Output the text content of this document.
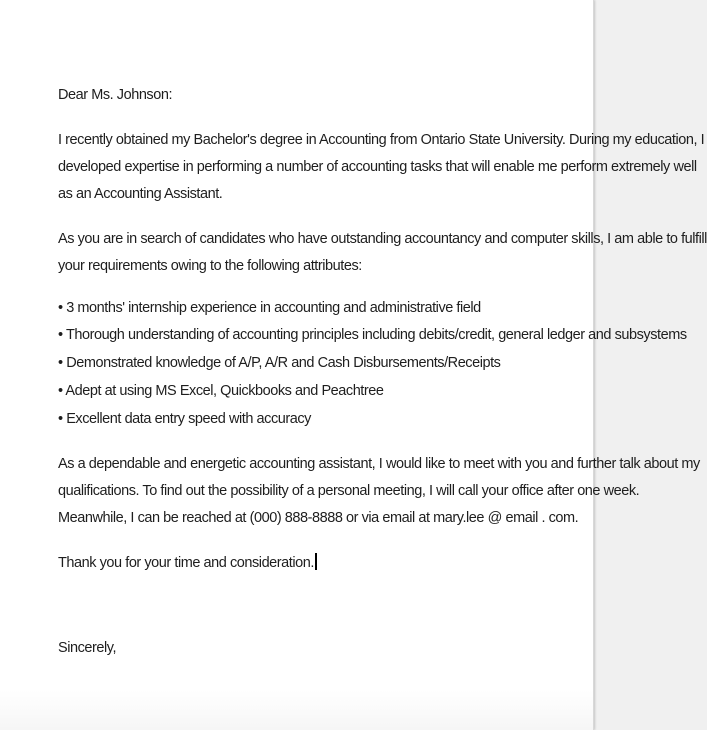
Dear Ms. Johnson:
I recently obtained my Bachelor's degree in Accounting from Ontario State University. During my education, I
developed expertise in performing a number of accounting tasks that will enable me perform extremely well
as an Accounting Assistant.
As you are in search of candidates who have outstanding accountancy and computer skills, I am able to fulfill
your requirements owing to the following attributes:
• 3 months' internship experience in accounting and administrative field
• Thorough understanding of accounting principles including debits/credit, general ledger and subsystems
• Demonstrated knowledge of A/P, A/R and Cash Disbursements/Receipts
• Adept at using MS Excel, Quickbooks and Peachtree
• Excellent data entry speed with accuracy
As a dependable and energetic accounting assistant, I would like to meet with you and further talk about my
qualifications. To find out the possibility of a personal meeting, I will call your office after one week.
Meanwhile, I can be reached at (000) 888-8888 or via email at mary.lee @ email . com.
Thank you for your time and consideration.
Sincerely,
